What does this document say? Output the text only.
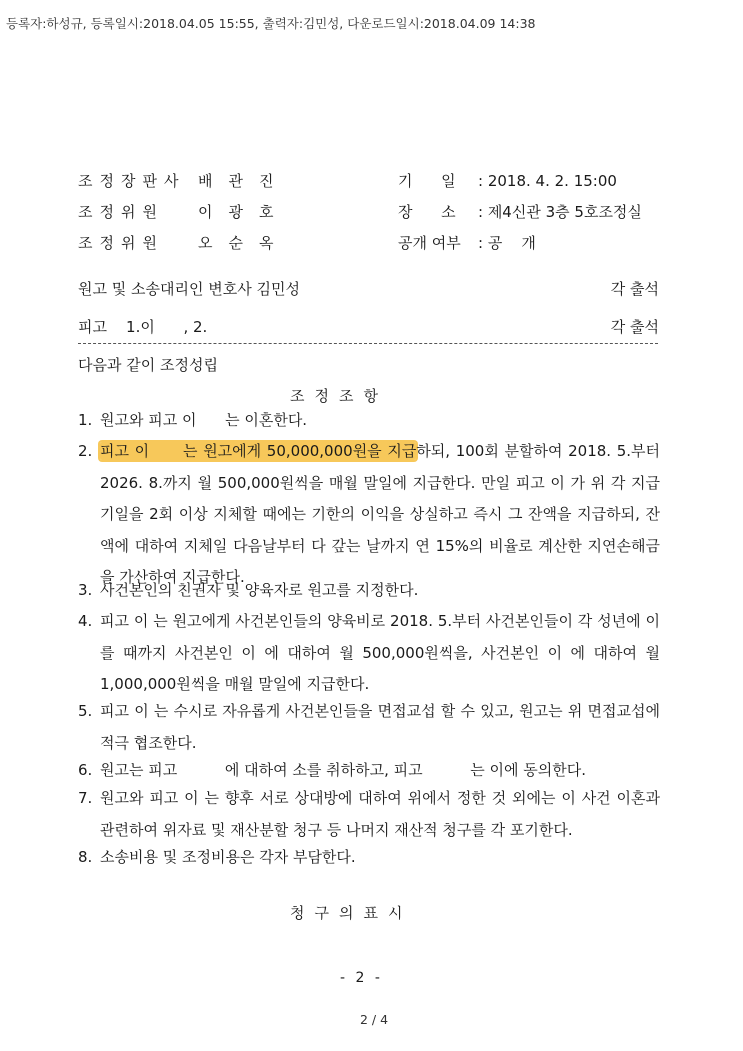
등록자:하성규, 등록일시:2018.04.05 15:55, 출력자:김민성, 다운로드일시:2018.04.09 14:38
조정장판사 배관진
조정위원 이광호
조정위원 오순옥
기      일 : 2018. 4. 2. 15:00
장      소 : 제4신관 3층 5호조정실
공개 여부 : 공    개
원고 및 소송대리인 변호사 김민성	각 출석
피고    1.이      , 2.	각 출석
다음과 같이 조정성립
조정조항
1. 원고와 피고 이      는 이혼한다.
2. 피고 이      는 원고에게 50,000,000원을 지급하되, 100회 분할하여 2018. 5.부터 2026. 8.까지 월 500,000원씩을 매월 말일에 지급한다. 만일 피고 이 가 위 각 지급기일을 2회 이상 지체할 때에는 기한의 이익을 상실하고 즉시 그 잔액을 지급하되, 잔액에 대하여 지체일 다음날부터 다 갚는 날까지 연 15%의 비율로 계산한 지연손해금을 가산하여 지급한다.
3. 사건본인의 친권자 및 양육자로 원고를 지정한다.
4. 피고 이 는 원고에게 사건본인들의 양육비로 2018. 5.부터 사건본인들이 각 성년에 이를 때까지 사건본인 이 에 대하여 월 500,000원씩을, 사건본인 이 에 대하여 월 1,000,000원씩을 매월 말일에 지급한다.
5. 피고 이 는 수시로 자유롭게 사건본인들을 면접교섭 할 수 있고, 원고는 위 면접교섭에 적극 협조한다.
6. 원고는 피고          에 대하여 소를 취하하고, 피고          는 이에 동의한다.
7. 원고와 피고 이 는 향후 서로 상대방에 대하여 위에서 정한 것 외에는 이 사건 이혼과 관련하여 위자료 및 재산분할 청구 등 나머지 재산적 청구를 각 포기한다.
8. 소송비용 및 조정비용은 각자 부담한다.
청구의표시
- 2 -
2 / 4
